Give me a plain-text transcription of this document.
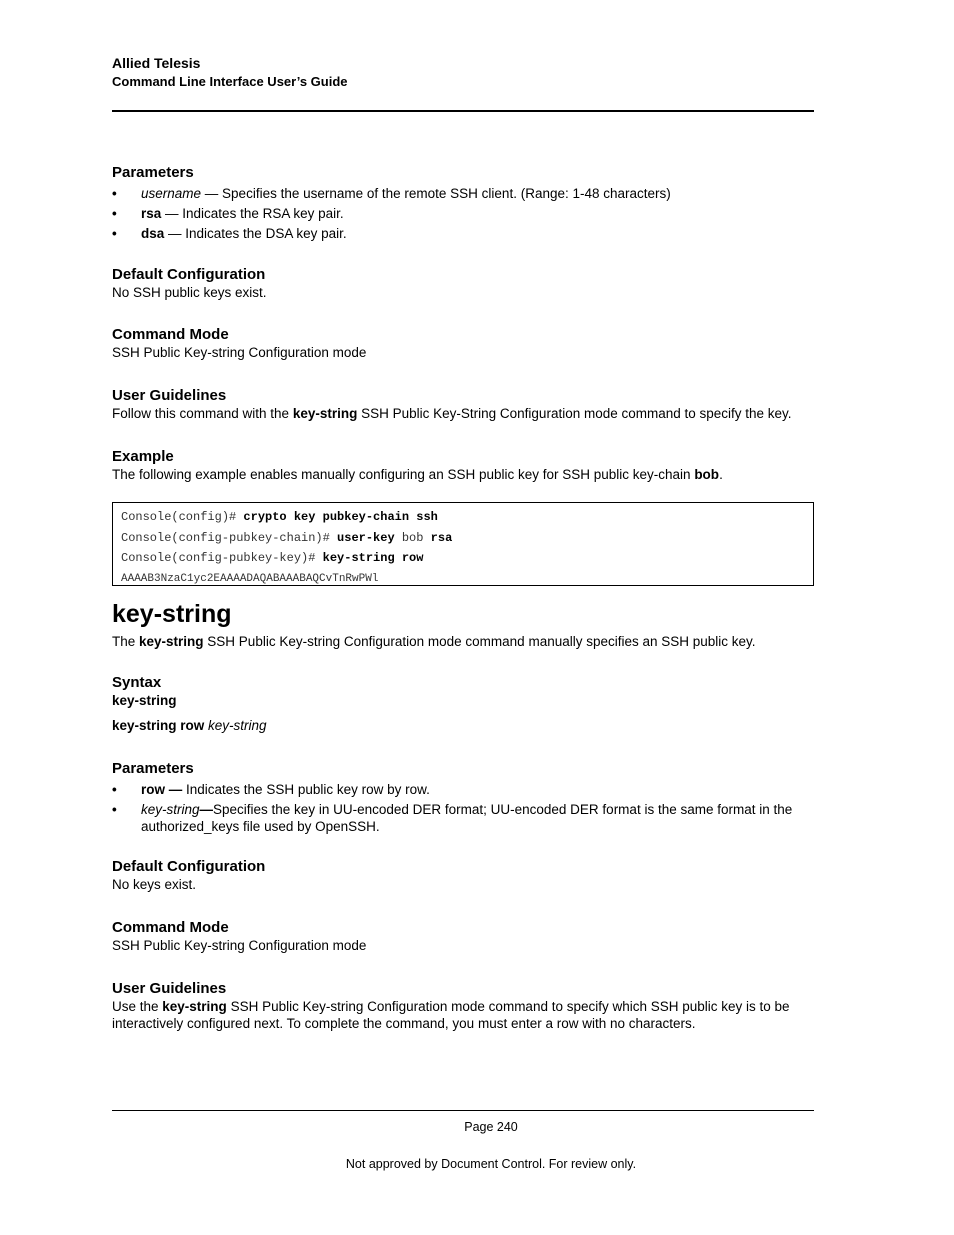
Allied Telesis
Command Line Interface User’s Guide
Parameters
• username — Specifies the username of the remote SSH client. (Range: 1-48 characters)
• rsa — Indicates the RSA key pair.
• dsa — Indicates the DSA key pair.
Default Configuration

No SSH public keys exist.

Command Mode

SSH Public Key-string Configuration mode

User Guidelines

Follow this command with the key-string SSH Public Key-String Configuration mode command to specify the key.

Example

The following example enables manually configuring an SSH public key for SSH public key-chain bob.

Console(config)# crypto key pubkey-chain ssh
Console(config-pubkey-chain)# user-key bob rsa
Console(config-pubkey-key)# key-string row
AAAAB3NzaC1yc2EAAAADAQABAAABAQCvTnRwPWl
key-string

The key-string SSH Public Key-string Configuration mode command manually specifies an SSH public key.

Syntax

key-string

key-string row key-string

Parameters
• row — Indicates the SSH public key row by row.
• key-string—Specifies the key in UU-encoded DER format; UU-encoded DER format is the same format in the authorized_keys file used by OpenSSH.
Default Configuration

No keys exist.

Command Mode

SSH Public Key-string Configuration mode

User Guidelines

Use the key-string SSH Public Key-string Configuration mode command to specify which SSH public key is to be interactively configured next. To complete the command, you must enter a row with no characters.

Page 240
Not approved by Document Control. For review only.
